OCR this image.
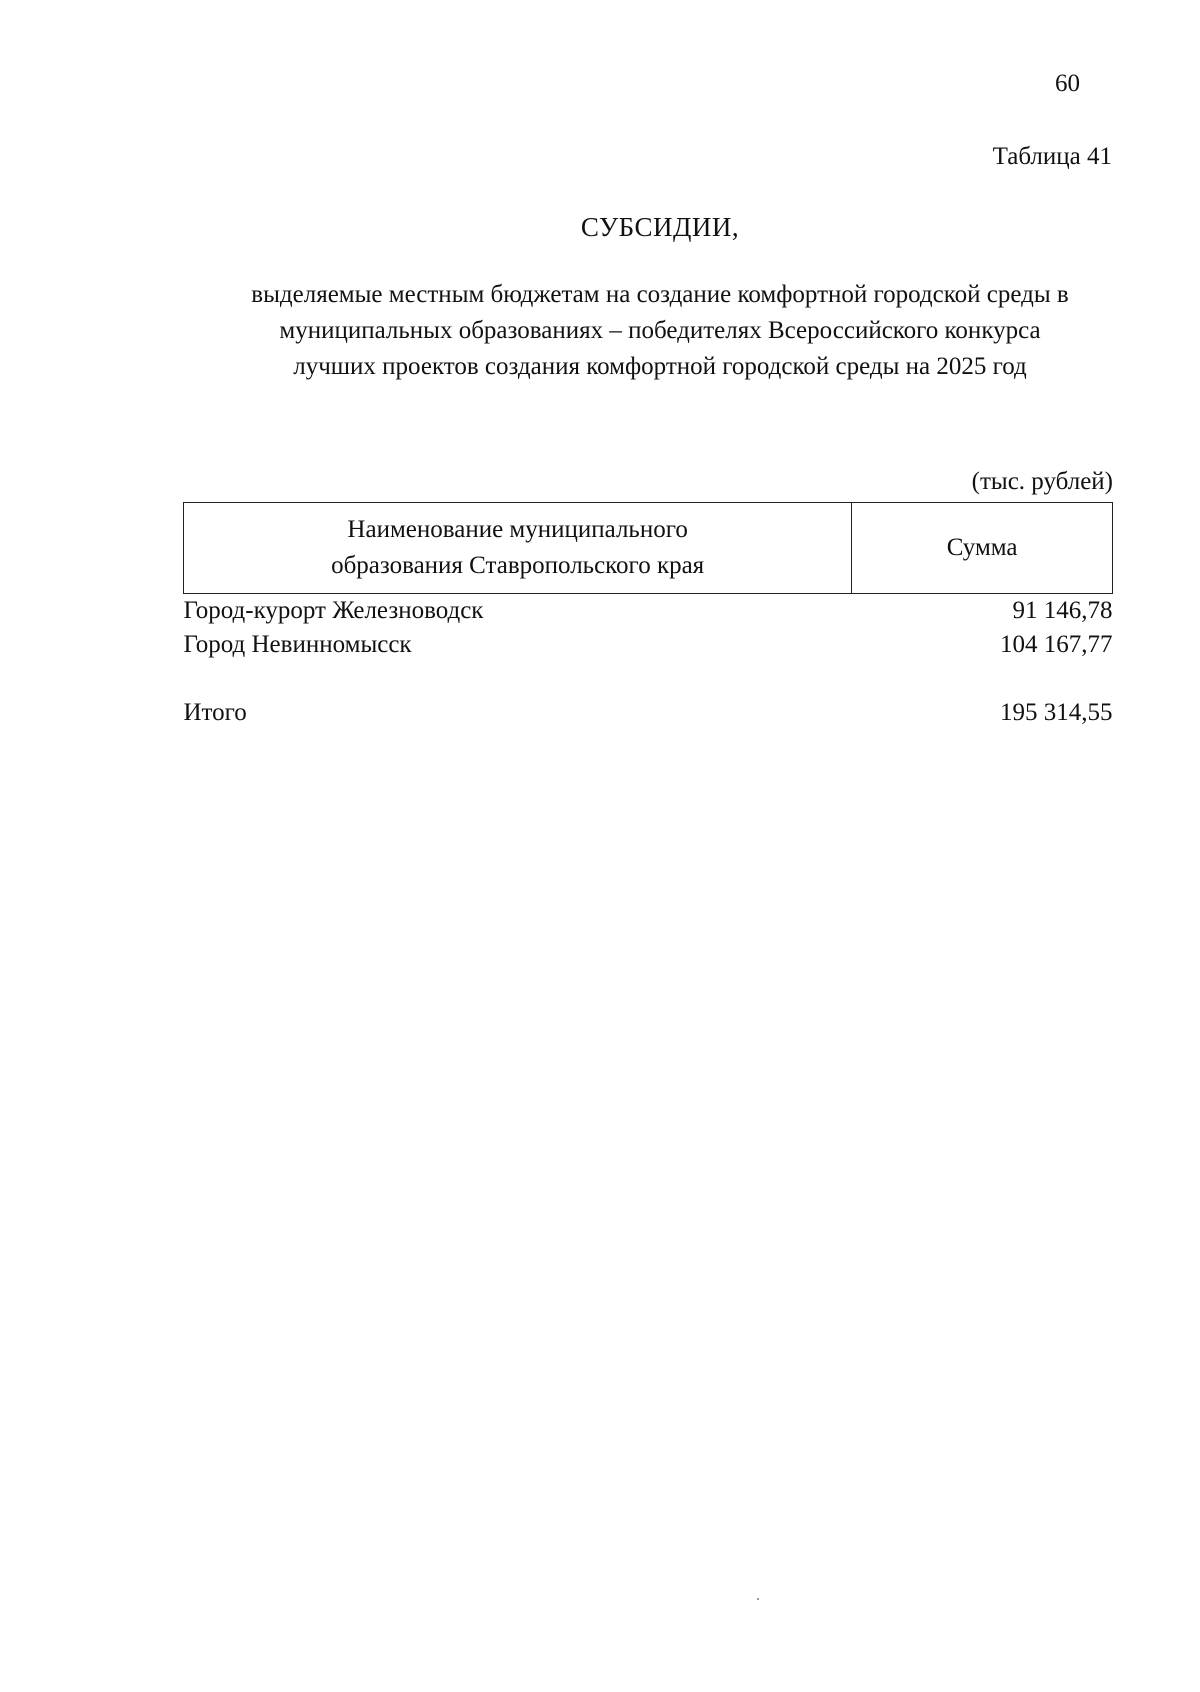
60
Таблица 41
СУБСИДИИ,
выделяемые местным бюджетам на создание комфортной городской среды в
муниципальных образованиях – победителях Всероссийского конкурса
лучших проектов создания комфортной городской среды на 2025 год
(тыс. рублей)
Наименование муниципального
образования Ставропольского края	Сумма
Город-курорт Железноводск	91 146,78
Город Невинномысск	104 167,77

Итого	195 314,55
